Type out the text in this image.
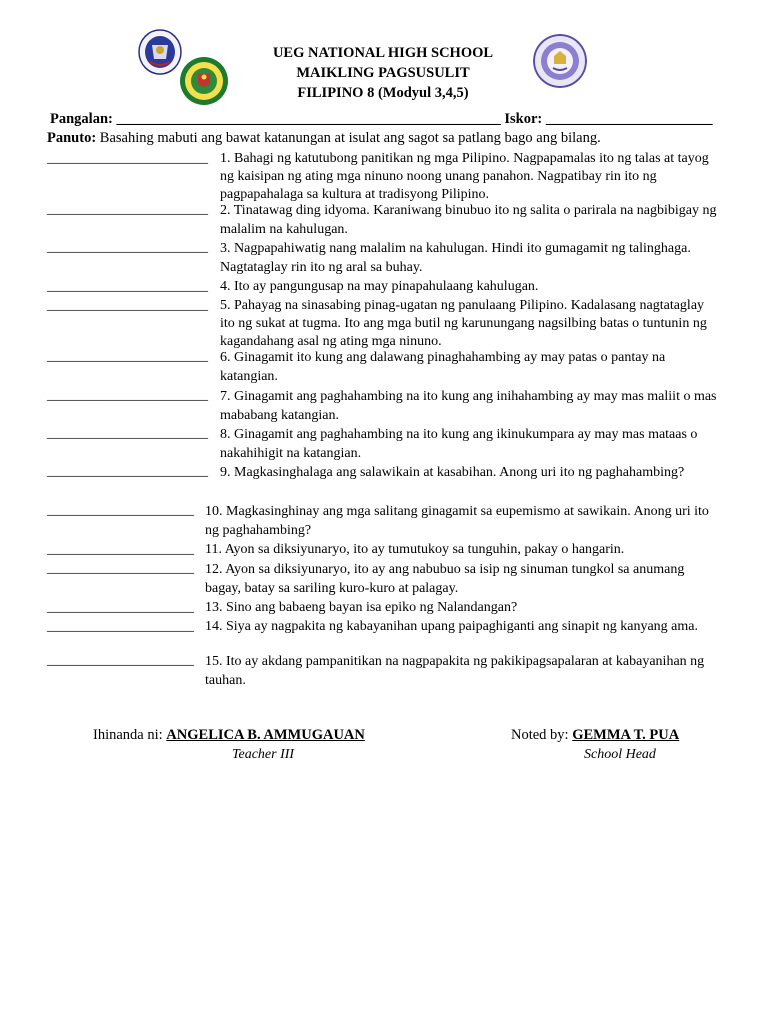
UEG NATIONAL HIGH SCHOOL
MAIKLING PAGSUSULIT
FILIPINO 8 (Modyul 3,4,5)
Pangalan: _____________________________________________________ Iskor: _______________________
Panuto: Basahing mabuti ang bawat katanungan at isulat ang sagot sa patlang bago ang bilang.
_______________________ 1. Bahagi ng katutubong panitikan ng mga Pilipino. Nagpapamalas ito ng talas at tayog ng kaisipan ng ating mga ninuno noong unang panahon. Nagpatibay rin ito ng pagpapahalaga sa kultura at tradisyong Pilipino.
_______________________ 2. Tinatawag ding idyoma. Karaniwang binubuo ito ng salita o parirala na nagbibigay ng malalim na kahulugan.
_______________________ 3. Nagpapahiwatig nang malalim na kahulugan. Hindi ito gumagamit ng talinghaga. Nagtataglay rin ito ng aral sa buhay.
_______________________ 4. Ito ay pangungusap na may pinapahulaang kahulugan.
_______________________ 5. Pahayag na sinasabing pinag-ugatan ng panulaang Pilipino. Kadalasang nagtataglay ito ng sukat at tugma. Ito ang mga butil ng karunungang nagsilbing batas o tuntunin ng kagandahang asal ng ating mga ninuno.
_______________________ 6. Ginagamit ito kung ang dalawang pinaghahambing ay may patas o pantay na katangian.
_______________________ 7. Ginagamit ang paghahambing na ito kung ang inihahambing ay may mas maliit o mas mababang katangian.
_______________________ 8. Ginagamit ang paghahambing na ito kung ang ikinukumpara ay may mas mataas o nakahihigit na katangian.
_______________________ 9. Magkasinghalaga ang salawikain at kasabihan. Anong uri ito ng paghahambing?
_____________________ 10. Magkasinghinay ang mga salitang ginagamit sa eupemismo at sawikain. Anong uri ito ng paghahambing?
_____________________ 11. Ayon sa diksiyunaryo, ito ay tumutukoy sa tunguhin, pakay o hangarin.
_____________________ 12. Ayon sa diksiyunaryo, ito ay ang nabubuo sa isip ng sinuman tungkol sa anumang bagay, batay sa sariling kuro-kuro at palagay.
_____________________ 13. Sino ang babaeng bayan isa epiko ng Nalandangan?
_____________________ 14. Siya ay nagpakita ng kabayanihan upang paipaghiganti ang sinapit ng kanyang ama.
_____________________ 15. Ito ay akdang pampanitikan na nagpapakita ng pakikipagsapalaran at kabayanihan ng tauhan.
Ihinanda ni: ANGELICA B. AMMUGAUAN
Teacher III
Noted by: GEMMA T. PUA
School Head
